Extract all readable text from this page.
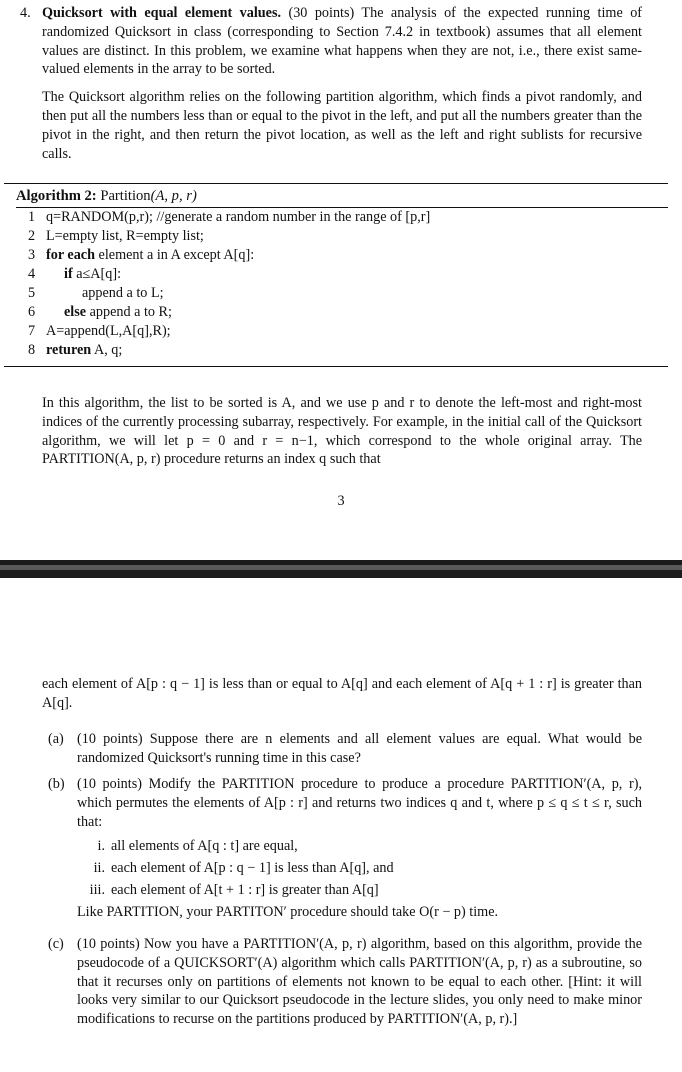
4. Quicksort with equal element values. (30 points) The analysis of the expected running time of randomized Quicksort in class (corresponding to Section 7.4.2 in textbook) assumes that all element values are distinct. In this problem, we examine what happens when they are not, i.e., there exist same-valued elements in the array to be sorted.

The Quicksort algorithm relies on the following partition algorithm, which finds a pivot randomly, and then put all the numbers less than or equal to the pivot in the left, and put all the numbers greater than the pivot in the right, and then return the pivot location, as well as the left and right sublists for recursive calls.

Algorithm 2: Partition(A, p, r)
1 q=RANDOM(p,r); //generate a random number in the range of [p,r]
2 L=empty list, R=empty list;
3 for each element a in A except A[q]:
4	if a≤A[q]:
5	append a to L;
6	else append a to R;
7 A=append(L,A[q],R);
8 returen A, q;

In this algorithm, the list to be sorted is A, and we use p and r to denote the left-most and right-most indices of the currently processing subarray, respectively. For example, in the initial call of the Quicksort algorithm, we will let p = 0 and r = n−1, which correspond to the whole original array. The PARTITION(A, p, r) procedure returns an index q such that

3

each element of A[p : q − 1] is less than or equal to A[q] and each element of A[q + 1 : r] is greater than A[q].

(a) (10 points) Suppose there are n elements and all element values are equal. What would be randomized Quicksort's running time in this case?

(b) (10 points) Modify the PARTITION procedure to produce a procedure PARTITION′(A, p, r), which permutes the elements of A[p : r] and returns two indices q and t, where p ≤ q ≤ t ≤ r, such that:

i. all elements of A[q : t] are equal,
ii. each element of A[p : q − 1] is less than A[q], and
iii. each element of A[t + 1 : r] is greater than A[q]

Like PARTITION, your PARTITON′ procedure should take O(r − p) time.

(c) (10 points) Now you have a PARTITION′(A, p, r) algorithm, based on this algorithm, provide the pseudocode of a QUICKSORT′(A) algorithm which calls PARTITION′(A, p, r) as a subroutine, so that it recurses only on partitions of elements not known to be equal to each other. [Hint: it will looks very similar to our Quicksort pseudocode in the lecture slides, you only need to make minor modifications to recurse on the partitions produced by PARTITION′(A, p, r).]
